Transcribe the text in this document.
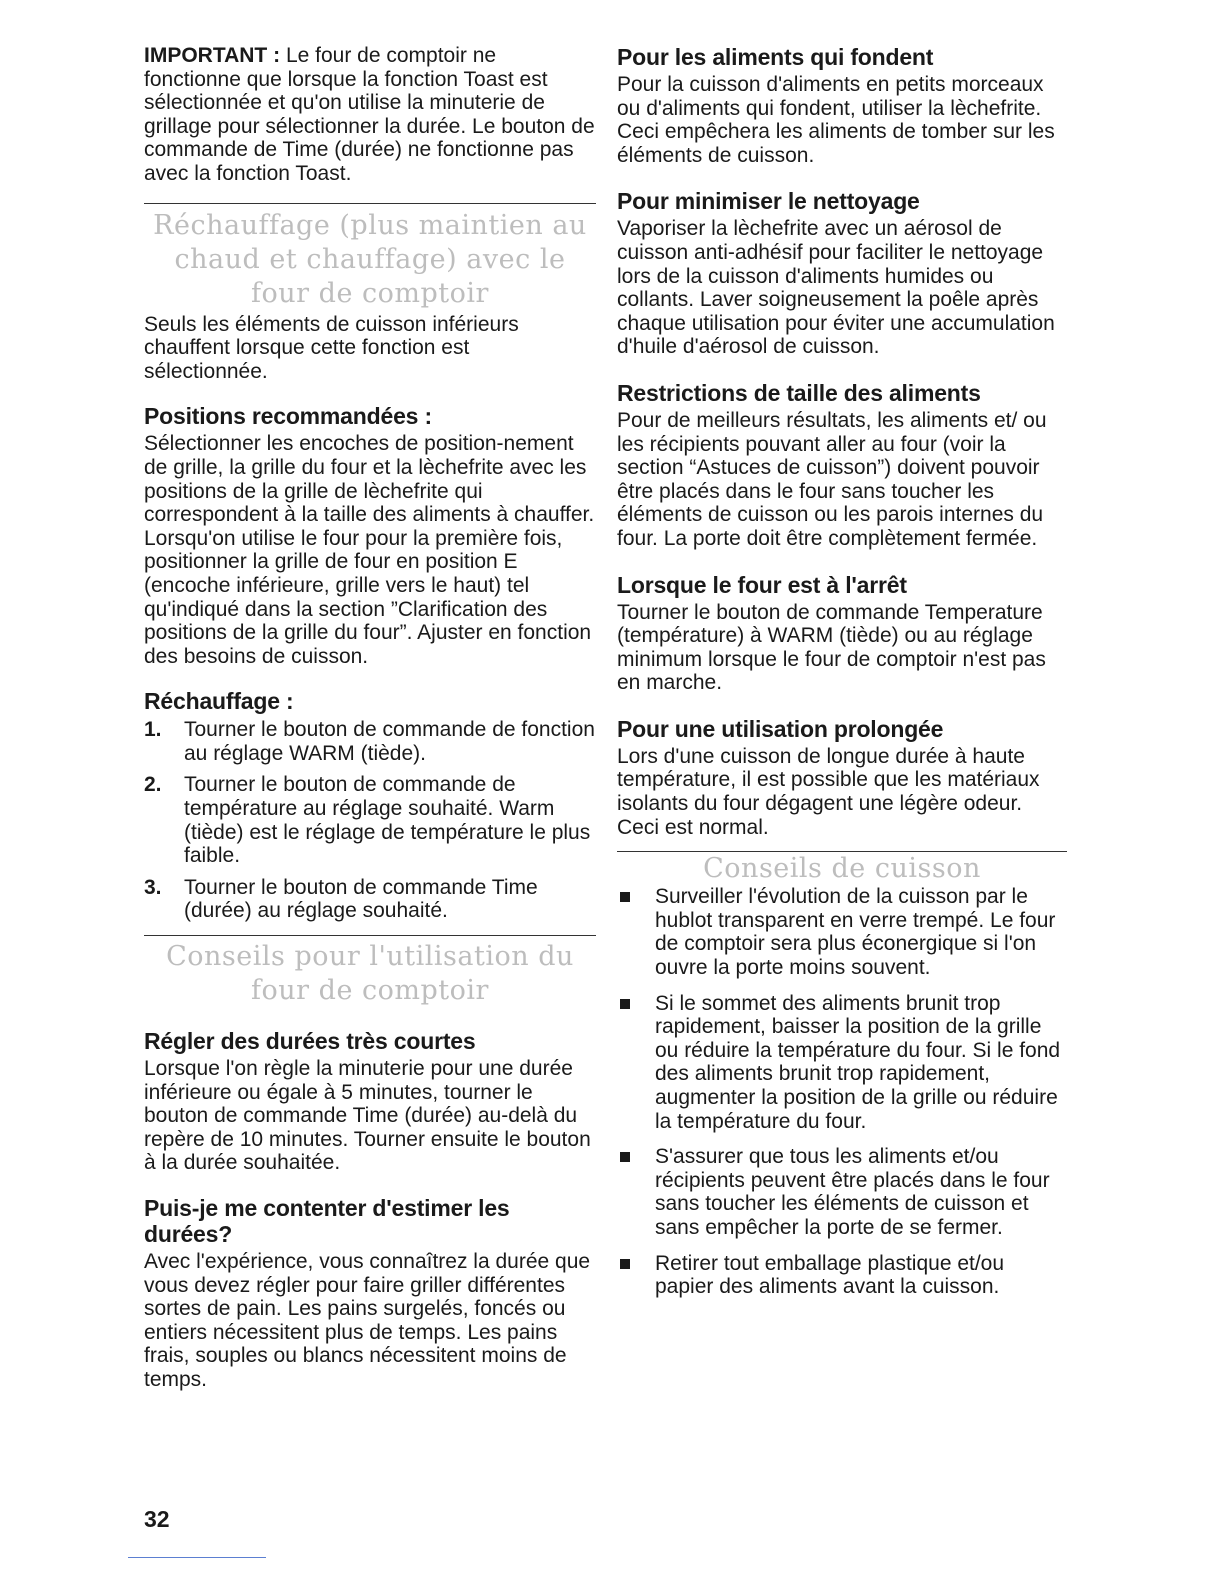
IMPORTANT : Le four de comptoir ne fonctionne que lorsque la fonction Toast est sélectionnée et qu'on utilise la minuterie de grillage pour sélectionner la durée. Le bouton de commande de Time (durée) ne fonctionne pas avec la fonction Toast.

Réchauffage (plus maintien au chaud et chauffage) avec le four de comptoir

Seuls les éléments de cuisson inférieurs chauffent lorsque cette fonction est sélectionnée.

Positions recommandées :

Sélectionner les encoches de position-nement de grille, la grille du four et la lèchefrite avec les positions de la grille de lèchefrite qui correspondent à la taille des aliments à chauffer. Lorsqu'on utilise le four pour la première fois, positionner la grille de four en position E (encoche inférieure, grille vers le haut) tel qu'indiqué dans la section ”Clarification des positions de la grille du four”. Ajuster en fonction des besoins de cuisson.

Réchauffage :
1. Tourner le bouton de commande de fonction au réglage WARM (tiède).
2. Tourner le bouton de commande de température au réglage souhaité. Warm (tiède) est le réglage de température le plus faible.
3. Tourner le bouton de commande Time (durée) au réglage souhaité.
Conseils pour l'utilisation du four de comptoir
Régler des durées très courtes

Lorsque l'on règle la minuterie pour une durée inférieure ou égale à 5 minutes, tourner le bouton de commande Time (durée) au-delà du repère de 10 minutes. Tourner ensuite le bouton à la durée souhaitée.

Puis-je me contenter d'estimer les durées?

Avec l'expérience, vous connaîtrez la durée que vous devez régler pour faire griller différentes sortes de pain. Les pains surgelés, foncés ou entiers nécessitent plus de temps. Les pains frais, souples ou blancs nécessitent moins de temps.

Pour les aliments qui fondent

Pour la cuisson d'aliments en petits morceaux ou d'aliments qui fondent, utiliser la lèchefrite. Ceci empêchera les aliments de tomber sur les éléments de cuisson.

Pour minimiser le nettoyage

Vaporiser la lèchefrite avec un aérosol de cuisson anti-adhésif pour faciliter le nettoyage lors de la cuisson d'aliments humides ou collants. Laver soigneusement la poêle après chaque utilisation pour éviter une accumulation d'huile d'aérosol de cuisson.

Restrictions de taille des aliments

Pour de meilleurs résultats, les aliments et/ ou les récipients pouvant aller au four (voir la section “Astuces de cuisson”) doivent pouvoir être placés dans le four sans toucher les éléments de cuisson ou les parois internes du four. La porte doit être complètement fermée.

Lorsque le four est à l'arrêt

Tourner le bouton de commande Temperature (température) à WARM (tiède) ou au réglage minimum lorsque le four de comptoir n'est pas en marche.

Pour une utilisation prolongée

Lors d'une cuisson de longue durée à haute température, il est possible que les matériaux isolants du four dégagent une légère odeur. Ceci est normal.

Conseils de cuisson
Surveiller l'évolution de la cuisson par le hublot transparent en verre trempé. Le four de comptoir sera plus éconergique si l'on ouvre la porte moins souvent.
Si le sommet des aliments brunit trop rapidement, baisser la position de la grille ou réduire la température du four. Si le fond des aliments brunit trop rapidement, augmenter la position de la grille ou réduire la température du four.
S'assurer que tous les aliments et/ou récipients peuvent être placés dans le four sans toucher les éléments de cuisson et sans empêcher la porte de se fermer.
Retirer tout emballage plastique et/ou papier des aliments avant la cuisson.
32
